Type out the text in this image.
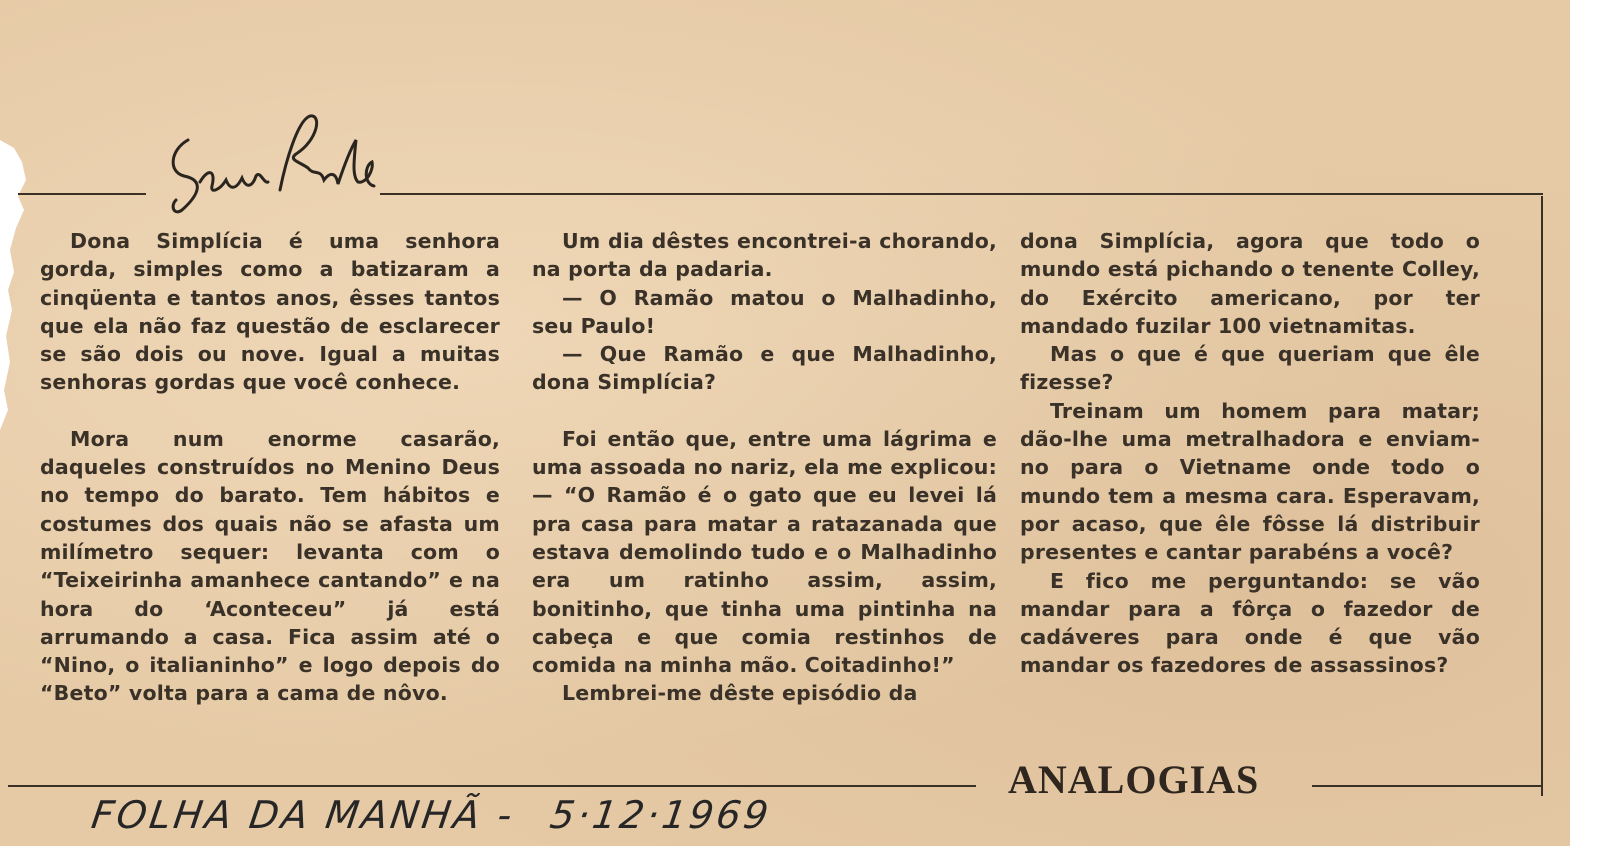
Dona Simplícia é uma senhora gorda, simples como a batizaram a cinqüenta e tantos anos, êsses tantos que ela não faz questão de esclarecer se são dois ou nove. Igual a muitas senhoras gordas que você conhece.

Mora num enorme casarão, daqueles construídos no Menino Deus no tempo do barato. Tem hábitos e costumes dos quais não se afasta um milímetro sequer: levanta com o “Teixeirinha amanhece cantando” e na hora do ‘Aconteceu” já está arrumando a casa. Fica assim até o “Nino, o italianinho” e logo depois do “Beto” volta para a cama de nôvo.

Um dia dêstes encontrei-a chorando, na porta da padaria.

— O Ramão matou o Malhadinho, seu Paulo!

— Que Ramão e que Malhadinho, dona Simplícia?

Foi então que, entre uma lágrima e uma assoada no nariz, ela me explicou: — “O Ramão é o gato que eu levei lá pra casa para matar a ratazanada que estava demolindo tudo e o Malhadinho era um ratinho assim, assim, bonitinho, que tinha uma pintinha na cabeça e que comia restinhos de comida na minha mão. Coitadinho!”

Lembrei-me dêste episódio da

dona Simplícia, agora que todo o mundo está pichando o tenente Colley, do Exército americano, por ter mandado fuzilar 100 vietnamitas.

Mas o que é que queriam que êle fizesse?

Treinam um homem para matar; dão-lhe uma metralhadora e enviam-no para o Vietname onde todo o mundo tem a mesma cara. Esperavam, por acaso, que êle fôsse lá distribuir presentes e cantar parabéns a você?

E fico me perguntando: se vão mandar para a fôrça o fazedor de cadáveres para onde é que vão mandar os fazedores de assassinos?

ANALOGIAS
FOLHA DA MANHÃ - 5·12·1969
